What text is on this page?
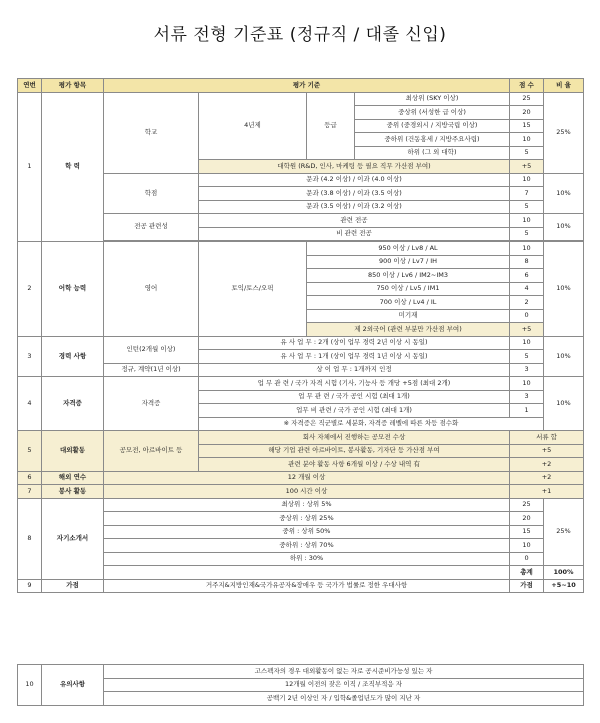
서류 전형 기준표 (정규직 / 대졸 신입)
연번	평가 항목	평가 기준				점 수	비 율
1	학 력	학교	4년제	등급	최상위 (SKY 이상)	25	25%
					중상위 (서성한 급 이상)	20	
					중위 (중경외시 / 지방국립 이상)	15	
					중하위 (건동홍세 / 지방주요사립)	10	
					하위 (그 외 대학)	5	
			대학원 (R&D, 인사, 마케팅 등 필요 직무 가산점 부여)			+5	
		학점	문과 (4.2 이상) / 이과 (4.0 이상)			10	10%
			문과 (3.8 이상) / 이과 (3.5 이상)			7	
			문과 (3.5 이상) / 이과 (3.2 이상)			5	
		전공 관련성	관련 전공			10	10%
			비 관련 전공			5	

2	어학 능력	영어	토익/토스/오픽	950 이상 / Lv8 / AL		10	10%
				900 이상 / Lv7 / IH		8	
				850 이상 / Lv6 / IM2~IM3		6	
				750 이상 / Lv5 / IM1		4	
				700 이상 / Lv4 / IL		2	
				미기재		0	
				제 2외국어 (관련 부분만 가산점 부여)		+5	
3	경력 사항	인턴(2개월 이상)	유 사 업 무 : 2개 (상이 업무 경력 2년 이상 시 동일)			10	10%
			유 사 업 무 : 1개 (상이 업무 경력 1년 이상 시 동일)			5	
		정규, 계약(1년 이상)	상 이 업 무 : 1개까지 인정			3	
4	자격증	자격증	업 무 관 련 / 국가 자격 시험 (기사, 기능사 등 개당 +5점 (최대 2개)			10	10%
			업 무 관 련 / 국가 공인 시험 (최대 1개)			3	
			업무 비 관련 / 국가 공인 시험 (최대 1개)			1	
			※ 자격증은 직군별로 세분화, 자격증 레벨에 따른 차등 점수화				
5	대외활동	공모전, 아르바이트 등	회사 자체에서 진행하는 공모전 수상			서류 합	
			해당 기업 관련 아르바이트, 봉사활동, 기자단 등 가산점 부여			+5	
			관련 분야 활동 사항 6개월 이상 / 수상 내역 有			+2	
6	해외 연수	12 개월 이상				+2	
7	봉사 활동	100 시간 이상				+1	
8	자기소개서	최상위 : 상위 5%				25	25%
		중상위 : 상위 25%				20	
		중위 : 상위 50%				15	
		중하위 : 상위 70%				10	
		하위 : 30%				0	
						총계	100%
9	가점	거주지&지방인재&국가유공자&장애우 등 국가가 법률로 정한 우대사항				가점	+5~10
10	유의사항	고스펙자의 경우 대외활동이 없는 자로 공시준비가능성 있는 자
12개월 이전의 잦은 이직 / 조직부적응 자
공백기 2년 이상인 자 / 입학&졸업년도가 많이 지난 자
